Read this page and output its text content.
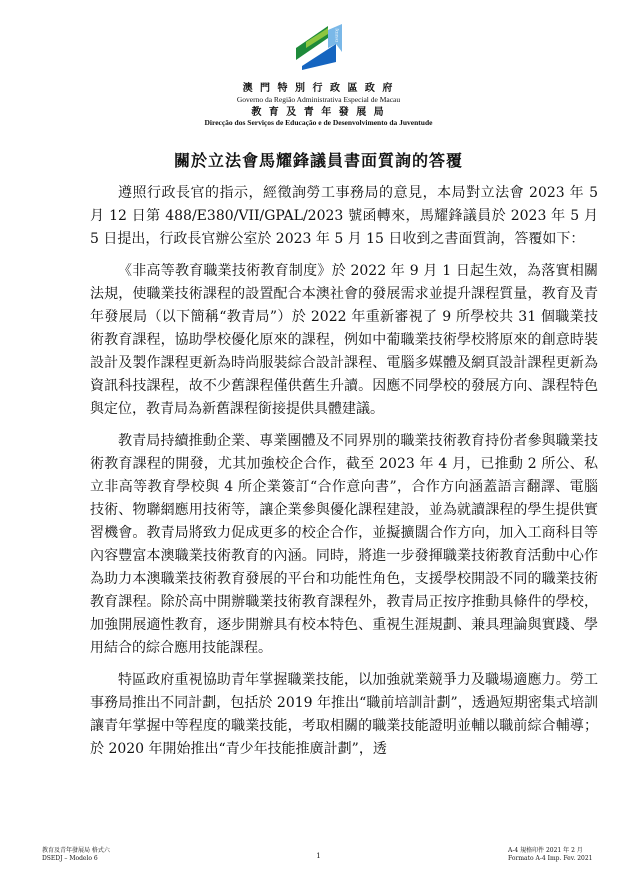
DSEDJ

澳 門 特 別 行 政 區 政 府

Governo da Região Administrativa Especial de Macau

教 育 及 青 年 發 展 局

Direcção dos Serviços de Educação e de Desenvolvimento da Juventude

關於立法會馬耀鋒議員書面質詢的答覆

遵照行政長官的指示，經徵詢勞工事務局的意見，本局對立法會 2023 年 5 月 12 日第 488/E380/VII/GPAL/2023 號函轉來，馬耀鋒議員於 2023 年 5 月 5 日提出，行政長官辦公室於 2023 年 5 月 15 日收到之書面質詢，答覆如下：

《非高等教育職業技術教育制度》於 2022 年 9 月 1 日起生效，為落實相關法規，使職業技術課程的設置配合本澳社會的發展需求並提升課程質量，教育及青年發展局（以下簡稱“教青局”）於 2022 年重新審視了 9 所學校共 31 個職業技術教育課程，協助學校優化原來的課程，例如中葡職業技術學校將原來的創意時裝設計及製作課程更新為時尚服裝綜合設計課程、電腦多媒體及網頁設計課程更新為資訊科技課程，故不少舊課程僅供舊生升讀。因應不同學校的發展方向、課程特色與定位，教青局為新舊課程銜接提供具體建議。

教青局持續推動企業、專業團體及不同界別的職業技術教育持份者參與職業技術教育課程的開發，尤其加強校企合作，截至 2023 年 4 月，已推動 2 所公、私立非高等教育學校與 4 所企業簽訂“合作意向書”，合作方向涵蓋語言翻譯、電腦技術、物聯網應用技術等，讓企業參與優化課程建設，並為就讀課程的學生提供實習機會。教青局將致力促成更多的校企合作，並擬擴闊合作方向，加入工商科目等內容豐富本澳職業技術教育的內涵。同時，將進一步發揮職業技術教育活動中心作為助力本澳職業技術教育發展的平台和功能性角色，支援學校開設不同的職業技術教育課程。除於高中開辦職業技術教育課程外，教青局正按序推動具條件的學校，加強開展適性教育，逐步開辦具有校本特色、重視生涯規劃、兼具理論與實踐、學用結合的綜合應用技能課程。

特區政府重視協助青年掌握職業技能，以加強就業競爭力及職場適應力。勞工事務局推出不同計劃，包括於 2019 年推出“職前培訓計劃”，透過短期密集式培訓讓青年掌握中等程度的職業技能，考取相關的職業技能證明並輔以職前綜合輔導；於 2020 年開始推出“青少年技能推廣計劃”，透

教育及青年發展局 格式六
DSEDJ – Modelo 6	1
A-4 規格印件 2021 年 2 月
Formato A-4 Imp. Fev. 2021
